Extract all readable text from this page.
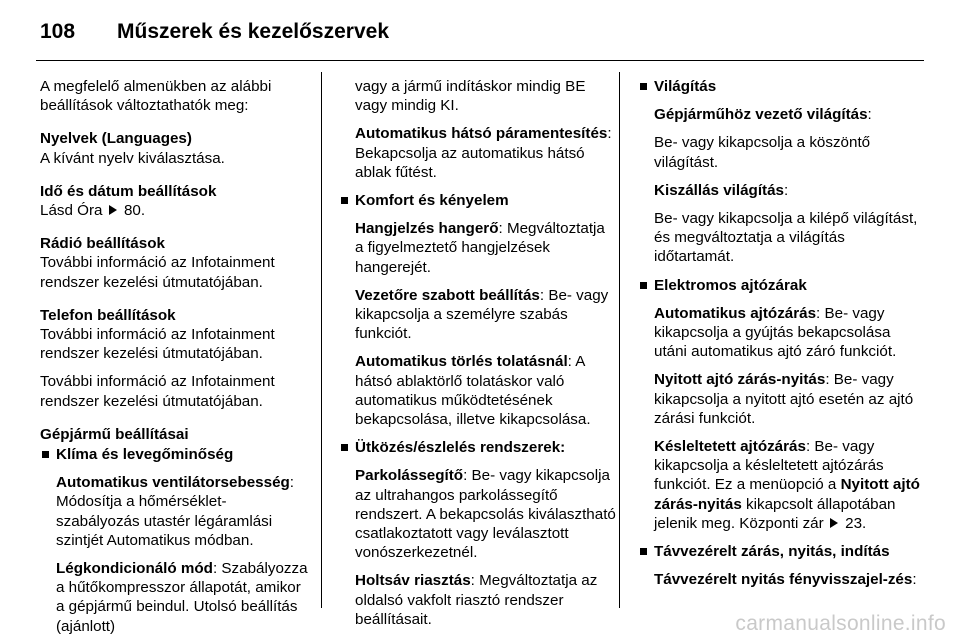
108	Műszerek és kezelőszervek

A megfelelő almenükben az alábbi beállítások változtathatók meg:

Nyelvek (Languages)

A kívánt nyelv kiválasztása.

Idő és dátum beállítások

Lásd Óra 80.

Rádió beállítások

További információ az Infotainment rendszer kezelési útmutatójában.

Telefon beállítások

További információ az Infotainment rendszer kezelési útmutatójában.

További információ az Infotainment rendszer kezelési útmutatójában.

Gépjármű beállításai

Klíma és levegőminőség

Automatikus ventilátorsebesség: Módosítja a hőmérséklet-szabályozás utastér légáramlási szintjét Automatikus módban.

Légkondicionáló mód: Szabályozza a hűtőkompresszor állapotát, amikor a gépjármű beindul. Utolsó beállítás (ajánlott)

vagy a jármű indításkor mindig BE vagy mindig KI.

Automatikus hátsó páramentesítés: Bekapcsolja az automatikus hátsó ablak fűtést.

Komfort és kényelem

Hangjelzés hangerő: Megváltoztatja a figyelmeztető hangjelzések hangerejét.

Vezetőre szabott beállítás: Be- vagy kikapcsolja a személyre szabás funkciót.

Automatikus törlés tolatásnál: A hátsó ablaktörlő tolatáskor való automatikus működtetésének bekapcsolása, illetve kikapcsolása.

Ütközés/észlelés rendszerek:

Parkolássegítő: Be- vagy kikapcsolja az ultrahangos parkolássegítő rendszert. A bekapcsolás kiválasztható csatlakoztatott vagy leválasztott vonószerkezetnél.

Holtsáv riasztás: Megváltoztatja az oldalsó vakfolt riasztó rendszer beállításait.

Világítás

Gépjárműhöz vezető világítás:

Be- vagy kikapcsolja a köszöntő világítást.

Kiszállás világítás:

Be- vagy kikapcsolja a kilépő világítást, és megváltoztatja a világítás időtartamát.

Elektromos ajtózárak

Automatikus ajtózárás: Be- vagy kikapcsolja a gyújtás bekapcsolása utáni automatikus ajtó záró funkciót.

Nyitott ajtó zárás-nyitás: Be- vagy kikapcsolja a nyitott ajtó esetén az ajtó zárási funkciót.

Késleltetett ajtózárás: Be- vagy kikapcsolja a késleltetett ajtózárás funkciót. Ez a menüopció a Nyitott ajtó zárás-nyitás kikapcsolt állapotában jelenik meg. Központi zár 23.

Távvezérelt zárás, nyitás, indítás

Távvezérelt nyitás fényvisszajel-zés:

carmanualsonline.info
